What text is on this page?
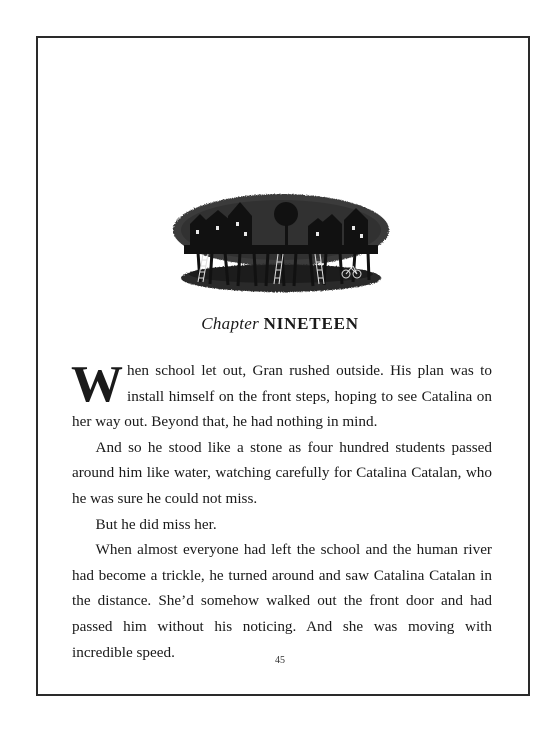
Chapter NINETEEN

When school let out, Gran rushed outside. His plan was to install himself on the front steps, hoping to see Catalina on her way out. Beyond that, he had nothing in mind.

And so he stood like a stone as four hundred students passed around him like water, watching carefully for Catalina Catalan, who he was sure he could not miss.

But he did miss her.

When almost everyone had left the school and the human river had become a trickle, he turned around and saw Catalina Catalan in the distance. She’d somehow walked out the front door and had passed him without his noticing. And she was moving with incredible speed.	45
